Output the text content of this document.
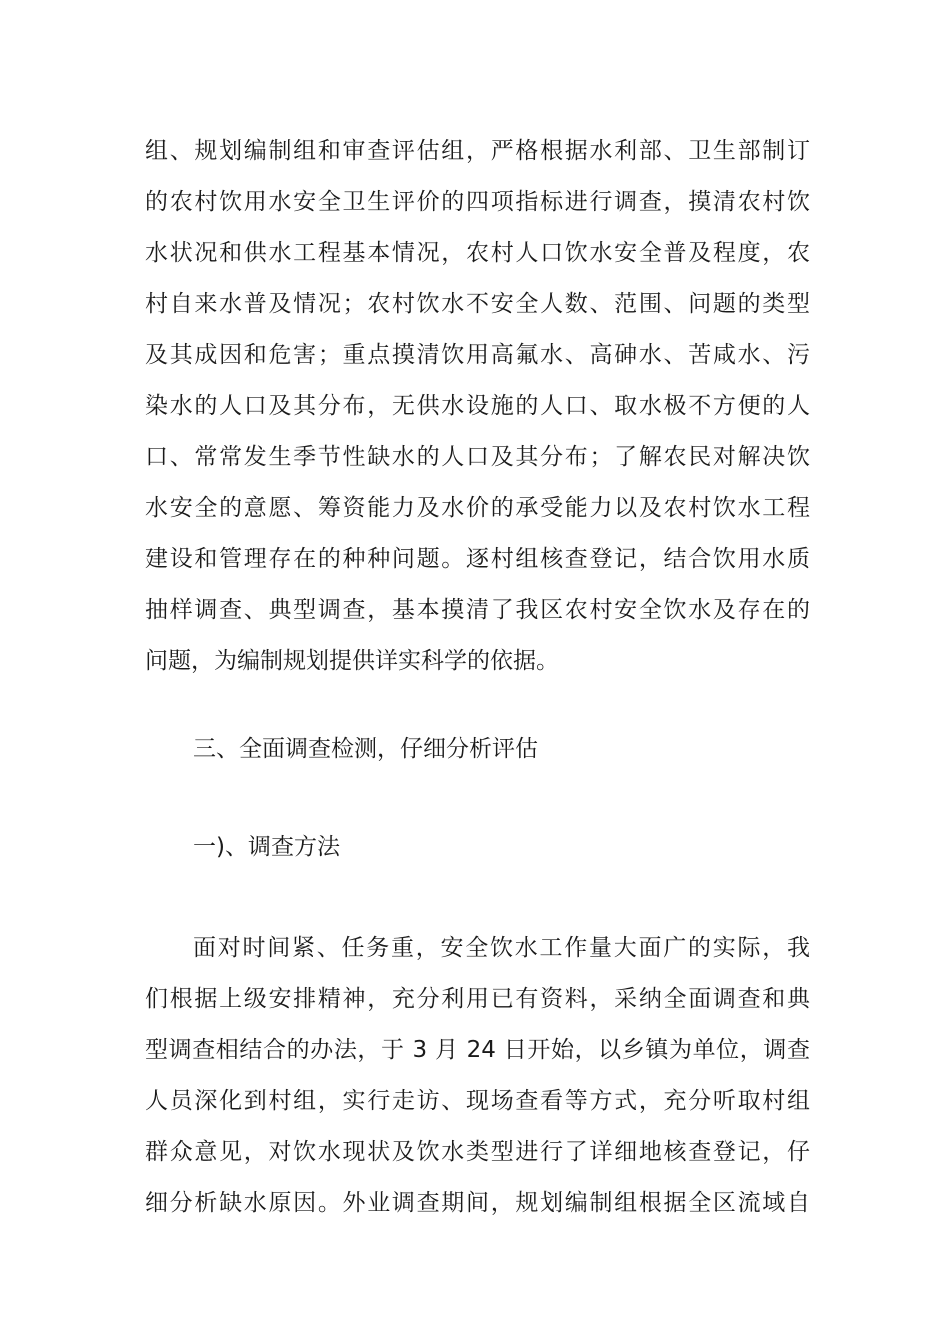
组、规划编制组和审查评估组，严格根据水利部、卫生部制订
的农村饮用水安全卫生评价的四项指标进行调查，摸清农村饮
水状况和供水工程基本情况，农村人口饮水安全普及程度，农
村自来水普及情况；农村饮水不安全人数、范围、问题的类型
及其成因和危害；重点摸清饮用高氟水、高砷水、苦咸水、污
染水的人口及其分布，无供水设施的人口、取水极不方便的人
口、常常发生季节性缺水的人口及其分布；了解农民对解决饮
水安全的意愿、筹资能力及水价的承受能力以及农村饮水工程
建设和管理存在的种种问题。逐村组核查登记，结合饮用水质
抽样调查、典型调查，基本摸清了我区农村安全饮水及存在的
问题，为编制规划提供详实科学的依据。
三、全面调查检测，仔细分析评估
一)、调查方法
面对时间紧、任务重，安全饮水工作量大面广的实际，我
们根据上级安排精神，充分利用已有资料，采纳全面调查和典
型调查相结合的办法，于 3 月 24 日开始，以乡镇为单位，调查
人员深化到村组，实行走访、现场查看等方式，充分听取村组
群众意见，对饮水现状及饮水类型进行了详细地核查登记，仔
细分析缺水原因。外业调查期间，规划编制组根据全区流域自
